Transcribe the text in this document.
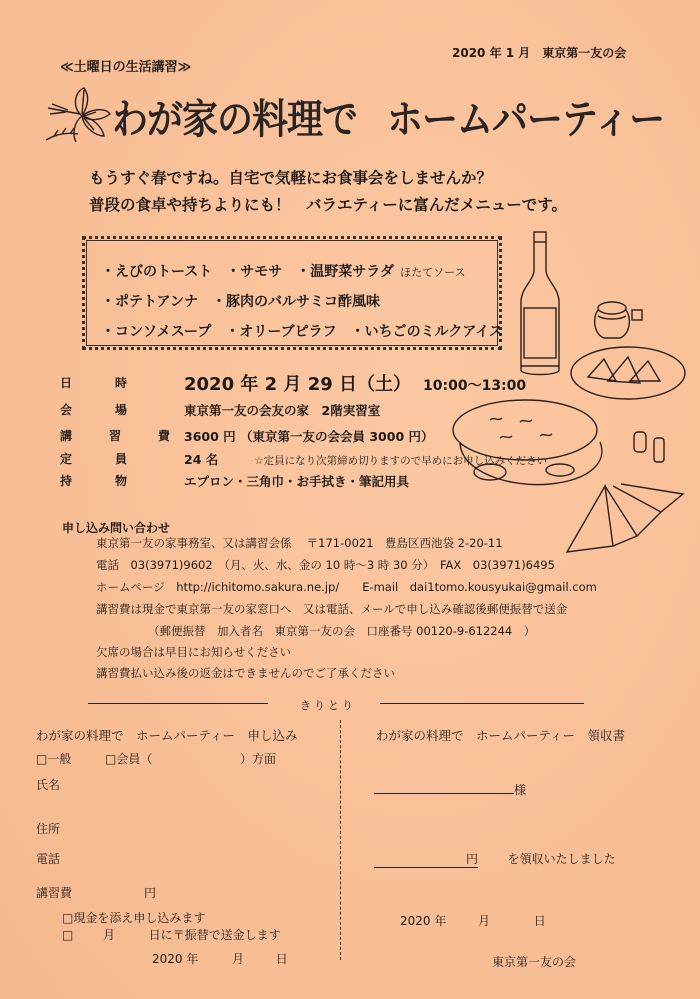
2020 年 1 月　東京第一友の会
≪土曜日の生活講習≫
わが家の料理で ホームパーティー
もうすぐ春ですね。自宅で気軽にお食事会をしませんか？
普段の食卓や持ちよりにも！　バラエティーに富んだメニューです。
・えびのトースト　・サモサ　・温野菜サラダ ほたてソース
・ポテトアンナ　・豚肉のバルサミコ酢風味
・コンソメスープ　・オリーブピラフ　・いちごのミルクアイス
日	時	2020 年 2 月 29 日（土） 10:00～13:00
会	場	東京第一友の会友の家　2階実習室
講	習	費 3600 円 （東京第一友の会会員 3000 円）
定	員	24 名	☆定員になり次第締め切りますので早めにお申し込みください
持	物	エプロン・三角巾・お手拭き・筆記用具
申し込み問い合わせ
東京第一友の家事務室、又は講習会係　 〒171-0021　豊島区西池袋 2-20-11
電話　03(3971)9602　（月、火、水、金の 10 時～3 時 30 分）　FAX　03(3971)6495
ホームページ　http://ichitomo.sakura.ne.jp/　　E-mail　dai1tomo.kousyukai@gmail.com
講習費は現金で東京第一友の家窓口へ　又は電話、メールで申し込み確認後郵便振替で送金
（郵便振替　加入者名　東京第一友の会　口座番号 00120-9-612244　）
欠席の場合は早目にお知らせください
講習費払い込み後の返金はできませんのでご了承ください
きりとり
わが家の料理で　ホームパーティー　申し込み
□一般	□会員（	）方面
氏名
住所
電話
講習費	円
□現金を添え申し込みます
□ 月	日に〒振替で送金します
2020 年	月	日
わが家の料理で　ホームパーティー　領収書
様
円 を領収いたしました
2020 年	月	日
東京第一友の会
